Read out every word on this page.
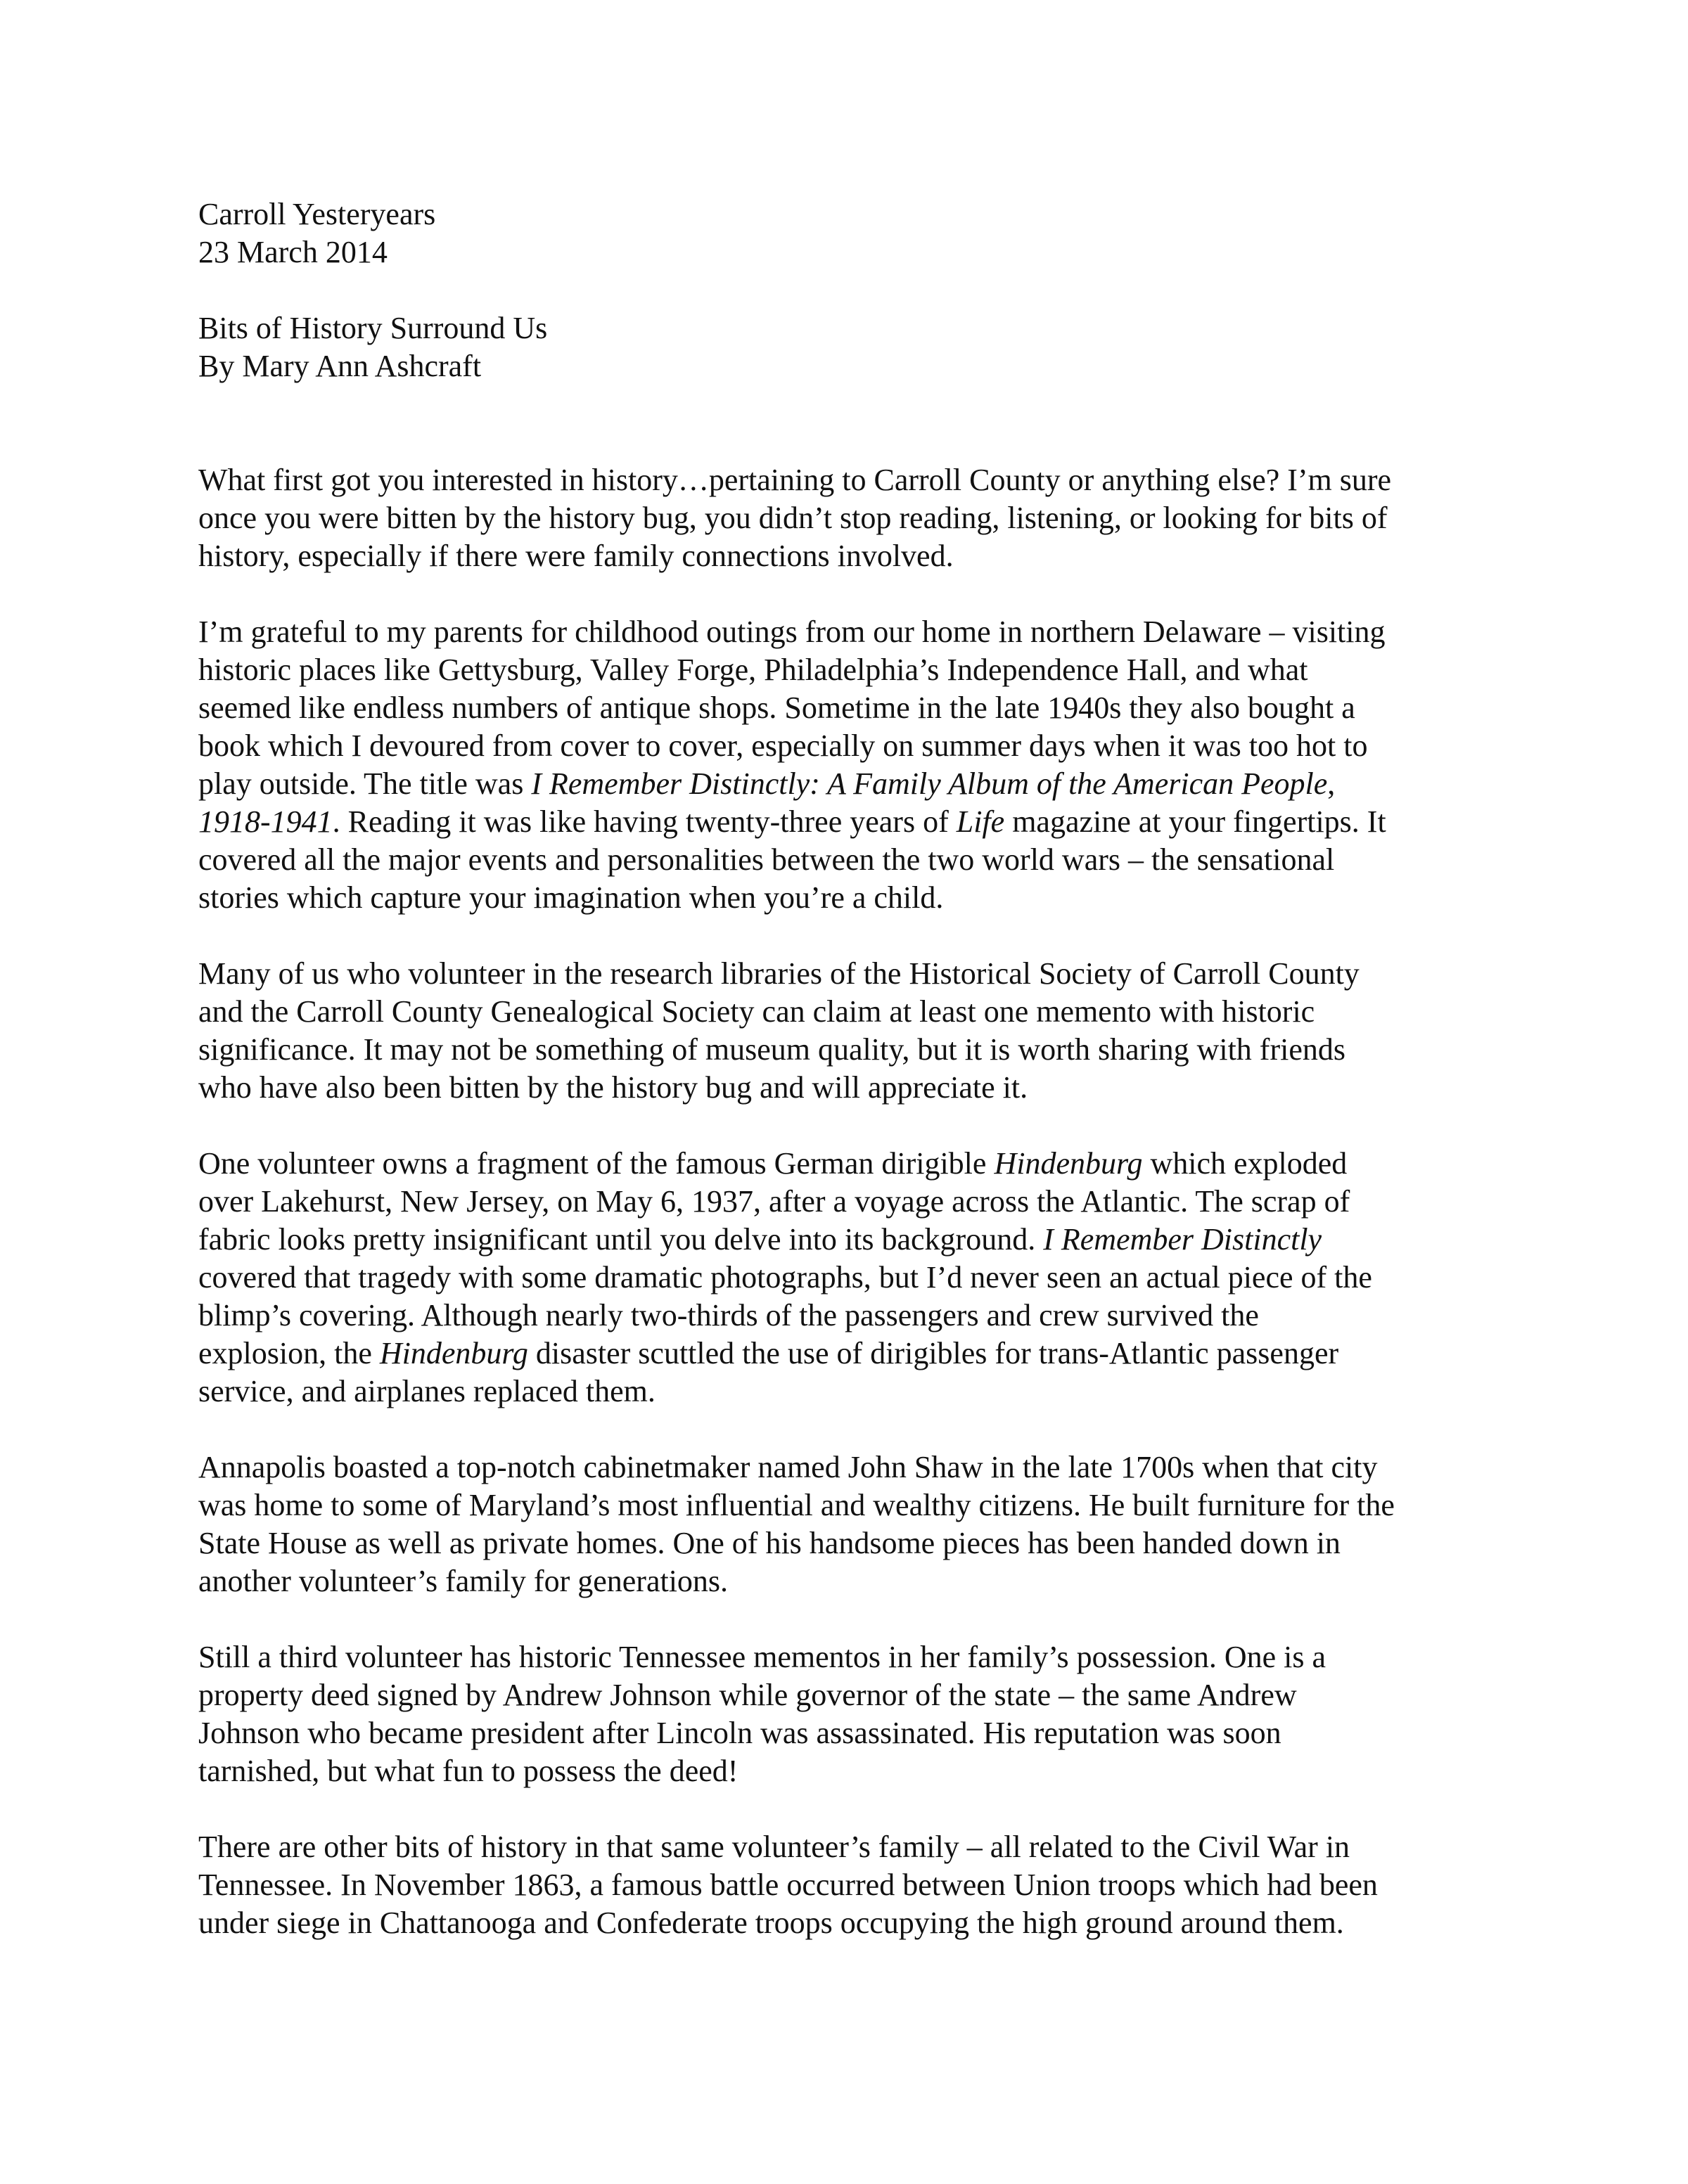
Carroll Yesteryears

23 March 2014

Bits of History Surround Us

By Mary Ann Ashcraft

What first got you interested in history…pertaining to Carroll County or anything else? I’m sure
once you were bitten by the history bug, you didn’t stop reading, listening, or looking for bits of
history, especially if there were family connections involved.

I’m grateful to my parents for childhood outings from our home in northern Delaware – visiting
historic places like Gettysburg, Valley Forge, Philadelphia’s Independence Hall, and what
seemed like endless numbers of antique shops. Sometime in the late 1940s they also bought a
book which I devoured from cover to cover, especially on summer days when it was too hot to
play outside. The title was I Remember Distinctly: A Family Album of the American People,
1918-1941. Reading it was like having twenty-three years of Life magazine at your fingertips. It
covered all the major events and personalities between the two world wars – the sensational
stories which capture your imagination when you’re a child.

Many of us who volunteer in the research libraries of the Historical Society of Carroll County
and the Carroll County Genealogical Society can claim at least one memento with historic
significance. It may not be something of museum quality, but it is worth sharing with friends
who have also been bitten by the history bug and will appreciate it.

One volunteer owns a fragment of the famous German dirigible Hindenburg which exploded
over Lakehurst, New Jersey, on May 6, 1937, after a voyage across the Atlantic. The scrap of
fabric looks pretty insignificant until you delve into its background. I Remember Distinctly
covered that tragedy with some dramatic photographs, but I’d never seen an actual piece of the
blimp’s covering. Although nearly two-thirds of the passengers and crew survived the
explosion, the Hindenburg disaster scuttled the use of dirigibles for trans-Atlantic passenger
service, and airplanes replaced them.

Annapolis boasted a top-notch cabinetmaker named John Shaw in the late 1700s when that city
was home to some of Maryland’s most influential and wealthy citizens. He built furniture for the
State House as well as private homes. One of his handsome pieces has been handed down in
another volunteer’s family for generations.

Still a third volunteer has historic Tennessee mementos in her family’s possession. One is a
property deed signed by Andrew Johnson while governor of the state – the same Andrew
Johnson who became president after Lincoln was assassinated. His reputation was soon
tarnished, but what fun to possess the deed!

There are other bits of history in that same volunteer’s family – all related to the Civil War in
Tennessee. In November 1863, a famous battle occurred between Union troops which had been
under siege in Chattanooga and Confederate troops occupying the high ground around them.
